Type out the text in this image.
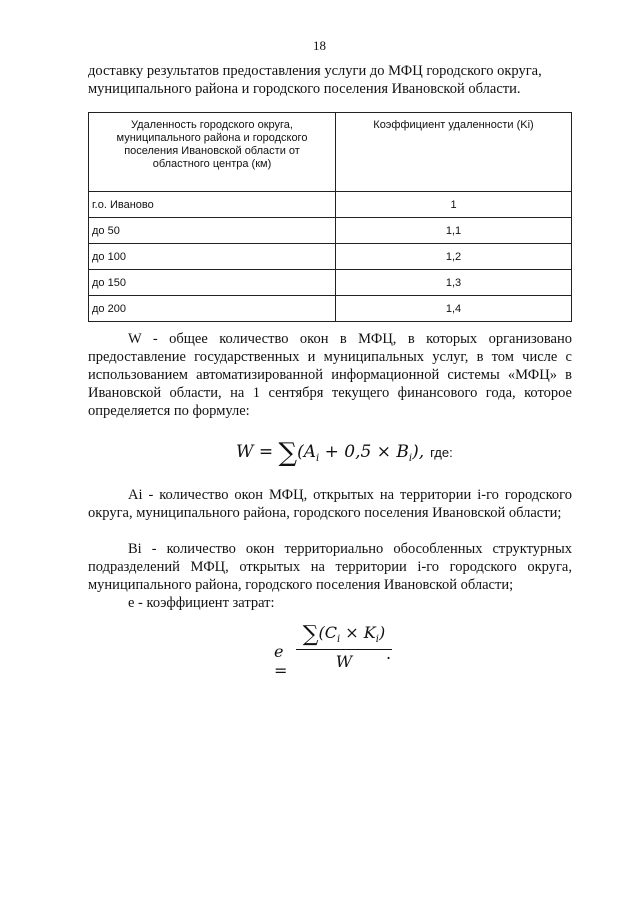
18

доставку результатов предоставления услуги до МФЦ городского округа, муниципального района и городского поселения Ивановской области.

Удаленность городского округа, муниципального района и городского поселения Ивановской области от областного центра (км)	Коэффициент удаленности (Ki)
г.о. Иваново	1
до 50	1,1
до 100	1,2
до 150	1,3
до 200	1,4

W - общее количество окон в МФЦ, в которых организовано предоставление государственных и муниципальных услуг, в том числе с использованием автоматизированной информационной системы «МФЦ» в Ивановской области, на 1 сентября текущего финансового года, которое определяется по формуле:

$W = \sum(A_i + 0,5 \times B_i)$, где:

Ai - количество окон МФЦ, открытых на территории i-го городского округа, муниципального района, городского поселения Ивановской области;

Bi - количество окон территориально обособленных структурных подразделений МФЦ, открытых на территории i-го городского округа, муниципального района, городского поселения Ивановской области;

e - коэффициент затрат:

$e = \frac{\sum(C_i \times K_i)}{W}$
.
